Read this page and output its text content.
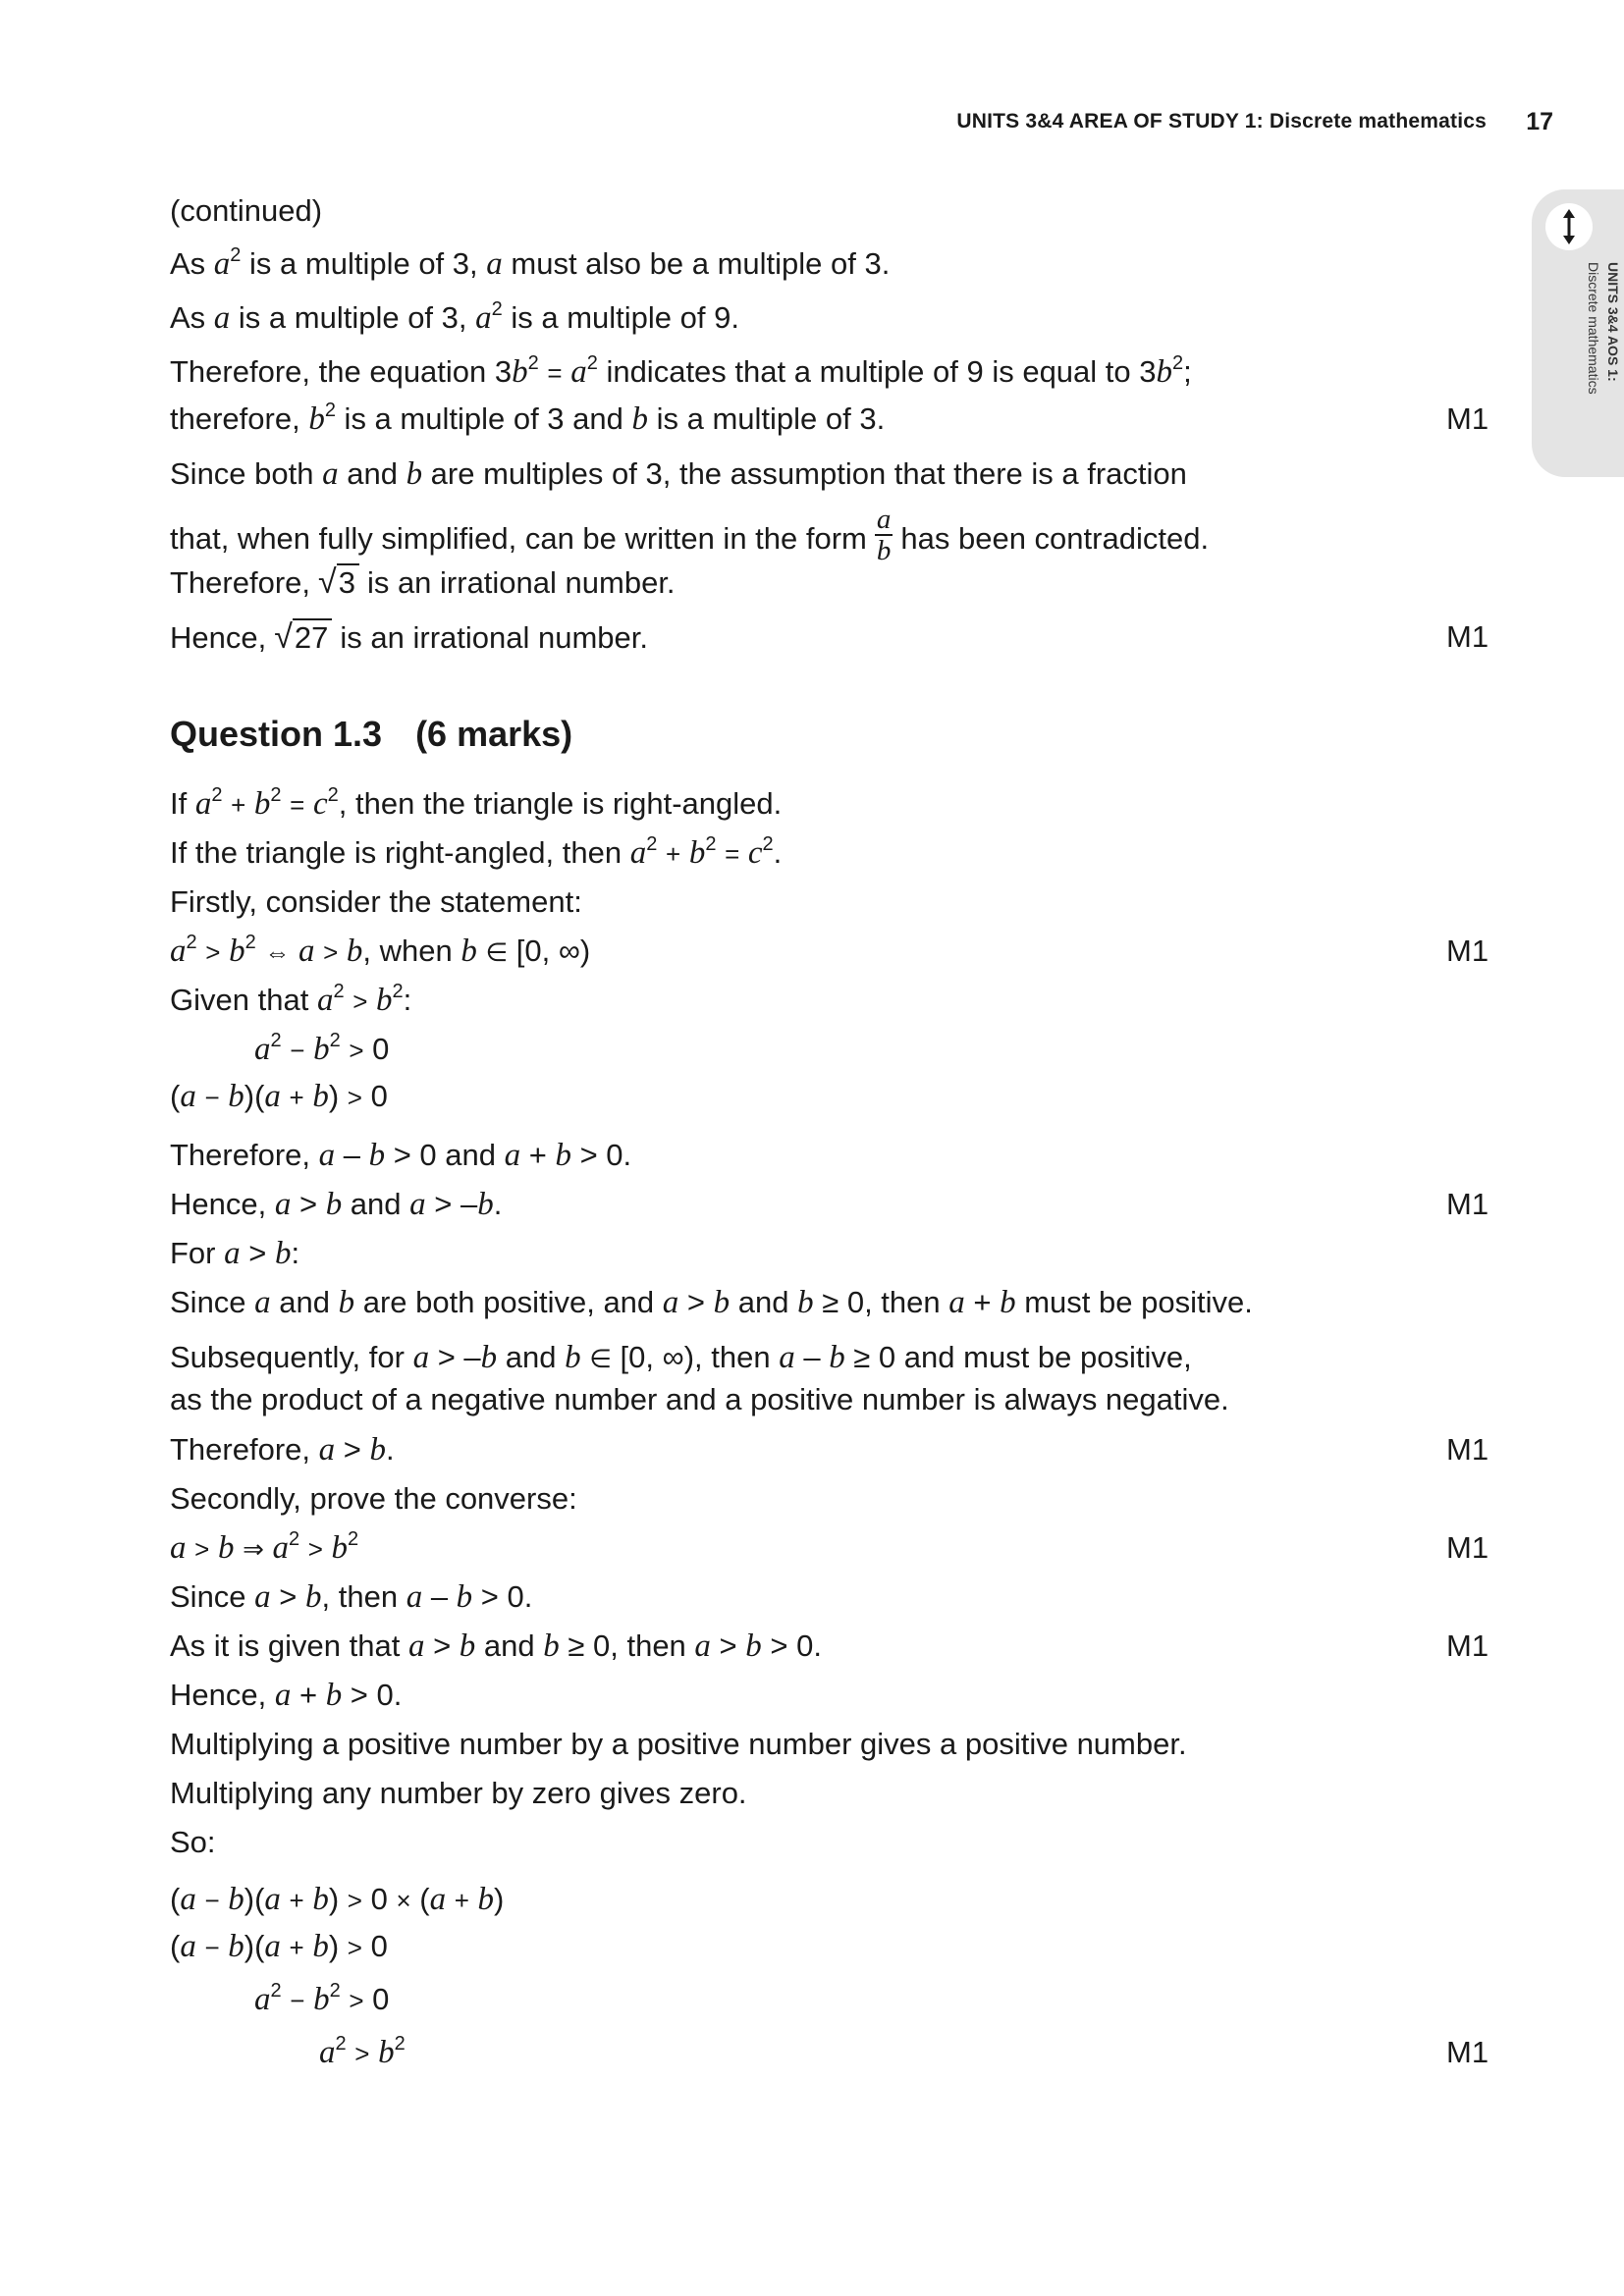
UNITS 3&4 AREA OF STUDY 1: Discrete mathematics 17
UNITS 3&4 AOS 1:
Discrete mathematics
(continued)
As $a^2$ is a multiple of 3, a must also be a multiple of 3.
As a is a multiple of 3, $a^2$ is a multiple of 9.
Therefore, the equation $3b^2 = a^2$ indicates that a multiple of 9 is equal to $3b^2$;
therefore, $b^2$ is a multiple of 3 and b is a multiple of 3.	M1
Since both a and b are multiples of 3, the assumption that there is a fraction
that, when fully simplified, can be written in the form $\frac{a}{b}$ has been contradicted.
Therefore, √3 is an irrational number.
Hence, √27 is an irrational number.	M1
Question 1.3 (6 marks)
If $a^2 + b^2 = c^2$, then the triangle is right-angled.
If the triangle is right-angled, then $a^2 + b^2 = c^2$.
Firstly, consider the statement:
$a^2 > b^2$ ⇔ a > b, when b ∈ [0, ∞)	M1
Given that $a^2 > b^2$:
$a^2 - b^2 > 0$
(a − b)(a + b) > 0
Therefore, a – b > 0 and a + b > 0.
Hence, a > b and a > –b.	M1
For a > b:
Since a and b are both positive, and a > b and b ≥ 0, then a + b must be positive.
Subsequently, for a > –b and b ∈ [0, ∞), then a – b ≥ 0 and must be positive,
as the product of a negative number and a positive number is always negative.
Therefore, a > b.	M1
Secondly, prove the converse:
a > b ⇒ $a^2 > b^2$	M1
Since a > b, then a – b > 0.
As it is given that a > b and b ≥ 0, then a > b > 0.	M1
Hence, a + b > 0.
Multiplying a positive number by a positive number gives a positive number.
Multiplying any number by zero gives zero.
So:
(a − b)(a + b) > 0 × (a + b)
(a − b)(a + b) > 0
$a^2 - b^2 > 0$
$a^2 > b^2$	M1
